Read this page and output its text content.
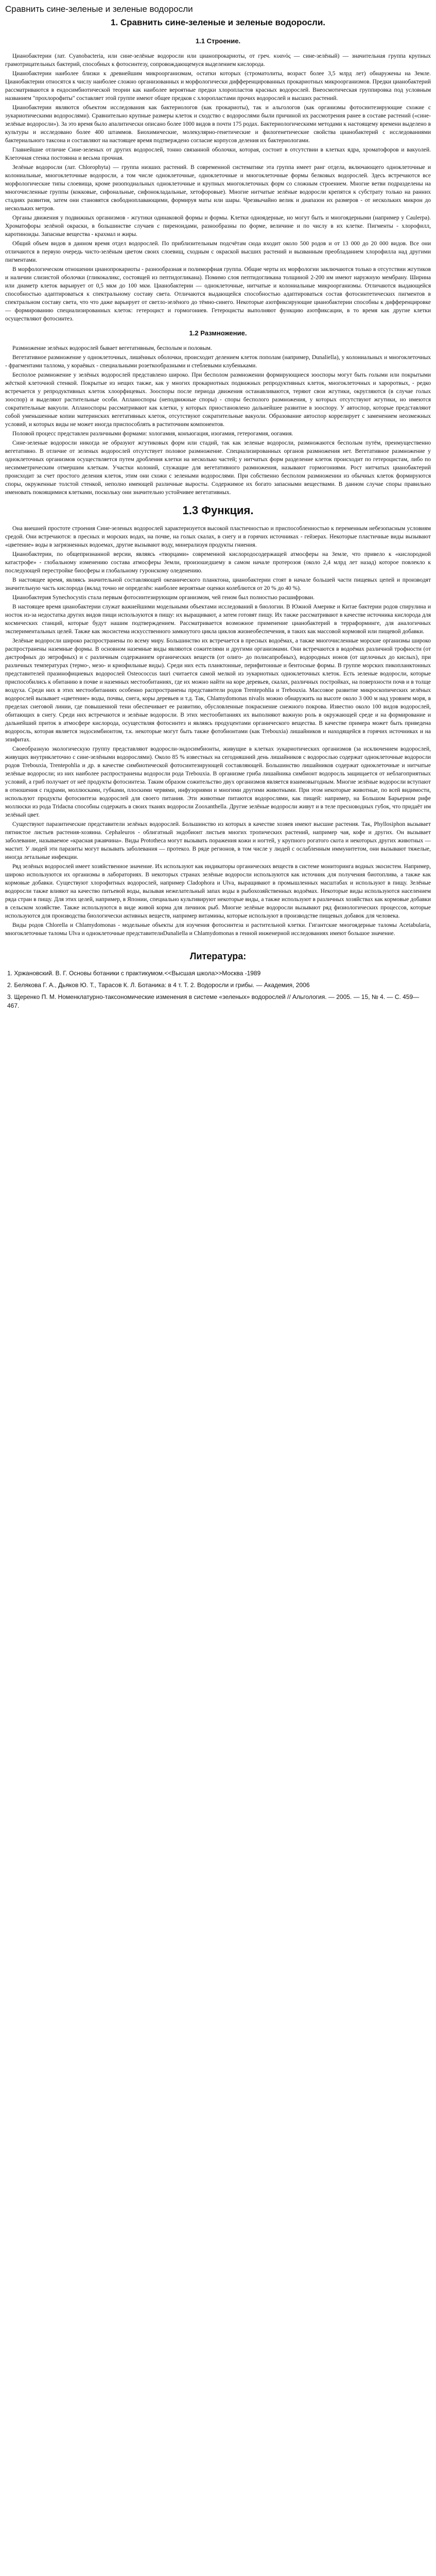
Сравнить сине-зеленые и зеленые водоросли
1. Сравнить сине-зеленые и зеленые водоросли.
1.1 Строение.

Цианобактерии (лат. Cyanobacteria, или сине-зелёные водоросли или цианопрокариоты, от греч. κυανός — сине-зелёный) — значительная группа крупных грамотрицательных бактерий, способных к фотосинтезу, сопровождающемуся выделением кислорода.

Цианобактерии наиболее близки к древнейшим микроорганизмам, остатки которых (строматолиты, возраст более 3,5 млрд лет) обнаружены на Земле. Цианобактерии относятся к числу наиболее сложно организованных и морфологически дифференцированных прокариотных микроорганизмов. Предки цианобактерий рассматриваются в ендосимбиотической теории как наиболее вероятные предки хлоропластов красных водорослей. Внеосмотическая группировка под условным названием "прохлорофиты" составляет этой группе имеют общее предков с хлоропластами прочих водорослей и высших растений.

Цианобактерии являются объектом исследования как бактериологов (как прокариоты), так и альгологов (как организмы фотосинтезирующие схожие с эукариотическими водорослями). Сравнительно крупные размеры клеток и сходство с водорослями были причиной их рассмотрения ранее в составе растений («сине-зелёные водоросли»). За это время было апалитически описано более 1000 видов в почти 175 родах. Бактериологическими методами к настоящему времени выделено в культуры и исследовано более 400 штаммов. Биохимические, молекулярно-генетические и филогенетические свойства цианобактерий с исследованиями бактериального таксона и составляют на настоящее время подтверждено согласие корпусов деления их бактериологами.

Главнейшие отличие Сине-зеленых от других водорослей, тонно связанной оболочки, которая, состоит в отсутствии в клетках ядра, хроматофоров и вакуолей. Клеточная стенка постоянна и весьма прочная.

Зелёные водоросли (лат. Chlorophyta) — группа низших растений. В современной систематике эта группа имеет ранг отдела, включающего одноклеточные и колониальные, многоклеточные водоросли, а том числе одноклеточные, одноклеточные и многоклеточные формы белковых водорослей. Здесь встречаются все морфологические типы слоевища, кроме ризоподиальных одноклеточные и крупных многоклеточных форм со сложным строением. Многие ветви подразделены на многочисленные группы (кокковые, сифональные, сифонокладальные, хетофоровые). Многие нитчатые зелёные водоросли крепятся к субстрату только на ранних стадиях развития, затем они становятся свободноплавающими, формируя маты или шары. Чрезвычайно велик и диапазон их размеров - от нескольких микрон до нескольких метров.

Органы движения у подвижных организмов - жгутики одинаковой формы и формы. Клетки одноядерные, но могут быть и многоядерными (например у Caulerpa). Хроматофоры зелёной окраски, в большинстве случаев с пиреноидами, разнообразны по форме, величине и по числу в их клетке. Пигменты - хлорофилл, каротиноиды. Запасные вещества - крахмал и жиры.

Общий объем видов в данном время отдел водорослей. По приблизительным подсчётам сюда входит около 500 родов и от 13 000 до 20 000 видов. Все они отличаются в первую очередь чисто-зелёным цветом своих слоевищ, сходным с окраской высших растений и вызванным преобладанием хлорофилла над другими пигментами.

В морфологическом отношении цианопрокариоты - разнообразная и полиморфная группа. Общие черты их морфологии заключаются только в отсутствии жгутиков и наличии слизистой оболочки (гликокаликс, состоящей из пептидогликана). Помимо слоя пептидогликана толщиной 2-200 нм имеют наружную мембрану. Ширина или диаметр клеток варьирует от 0,5 мкм до 100 мкм. Цианобактерии — одноклеточные, нитчатые и колониальные микроорганизмы. Отличаются выдающейся способностью адаптироваться к спектральному составу света. Отличаются выдающейся способностью адаптироваться состав фотосинтетических пигментов в спектральном составу света, что что даже варьирует от светло-зелёного до тёмно-синего. Некоторые азотфиксирующие цианобактерии способны к дифференцировке — формированию специализированных клеток: гетероцист и гормогониев. Гетероцисты выполняют функцию азотфиксации, в то время как другие клетки осуществляют фотосинтез.

1.2 Размножение.

Размножение зелёных водорослей бывает вегетативным, бесполым и половым.

Вегетативное размножение у одноклеточных, лишённых оболочки, происходит делением клеток пополам (например, Dunaliella), у колониальных и многоклеточных - фрагментами таллома, у кораёвых - специальными розеткообразными и стеблевыми клубеньками.

Бесполое размножение у зелёных водорослей представлено широко. При бесполом размножении формирующиеся зооспоры могут быть голыми или покрытыми жёсткой клеточной стенкой. Покрытые из нещих также, как у многих прокариотных подвижных репродуктивных клеток, многоклеточных и хароротвых, - редко встречается у репродуктивных клеток хлоорфицевых. Зооспоры после периода движения останавливаются, теряют свои жгутики, округляются (в случае голых зооспор) и выделяют растительные особи. Апланоспоры (неподвижные споры) - споры бесполого размножения, у которых отсутствуют жгутики, но имеются сократительные вакуоли. Апланоспоры рассматривают как клетки, у которых приостановлено дальнейшее развитие в зооспору. У автоспор, которые представляют собой уменьшенные копии материнских вегетативных клеток, отсутствуют сократительные вакуоли. Образование автоспор коррелирует с заменением неозмежных условий, и которых виды не может иногда приспособлять в раститочним компонентов.

Половой процесс представлен различными формами: хологамия, конъюгация, изогамия, гетерогамия, оогамия.

Сине-зеленые водоросли никогда не образуют жгутиковых форм или стадий, так как зеленые водоросли, размножаются бесполым путём, преимущественно вегетативно. В отличие от зеленых водорослей отсутствует половое размножение. Специализированных органов размножения нет. Вегетативное размножение у одноклеточных организмов осуществляется путем дробления клетки на несколько частей; у нитчатых форм разделение клеток происходит по гетероцистам, либо по несимметрическим отмершим клеткам. Участки колоний, служащие для вегетативного размножения, называют гормогониями. Рост нитчатых цианобактерий происходит за счет простого деления клеток, этим они схожи с зелеными водорослями. При собственно бесполом размножении из обычных клеток формируются споры, окруженные толстой стенкой, неполно имеющей различные выросты. Содержимое их богато запасными веществами. В данном случае споры правильно именовать покоящимися клетками, поскольку они значительно устойчивее вегетативных.

1.3 Функция.

Она внешней простоте строения Сине-зеленых водорослей характеризуется высокой пластичностью и приспособленностью к переменным небезопасным условиям средой. Они встречаются: в пресных и морских водах, на почве, на голых скалах, в снегу и в горячих источниках - гейзерах. Некоторые пластичные виды вызывают «цветение» воды в загрязненных водоемах, другие вызывают воду, минерализуя продукты гниения.

Цианобактерии, по общепризнанной версии, являясь «творцами» современной кислородосодержащей атмосферы на Земле, что привело к «кислородной катастрофе» - глобальному изменению состава атмосферы Земли, произошедшему в самом начале протерозоя (около 2,4 млрд лет назад) которое повлекло к последующей перестройке биосферы и глобальному гуронскому оледенению.

В настоящее время, являясь значительной составляющей океанического планктона, цианобактерии стоят в начале большей части пищевых цепей и производят значительную часть кислорода (вклад точно не определён: наиболее вероятные оценки колеблются от 20 % до 40 %).

Цианобактерия Synechocystis стала первым фотосинтезирующим организмом, чей геном был полностью расшифрован.

В настоящее время цианобактерии служат важнейшими модельными объектами исследований в биологии. В Южной Америке и Китае бактерии родов спирулина и носток из-за недостатка других видов пищи используются в пищу: их выращивают, а затем готовят пищу. Их также рассматривают в качестве источника кислорода для космических станций, которые будут нашим подтверждением. Рассматривается возможное применение цианобактерий в терраформинге, для аналогичных экспериментальных целей. Также как экосистема искусственного замкнутого цикла циклов жизнеобеспечения, в таких как массовой кормовой или пищевой добавки.

Зелёные водоросли широко распространены по всему миру. Большинство их встречается в пресных водоёмах, а также многочисленные морские организмы широко распространены наземные формы. В основном наземные виды являются сожителями и другими организмами. Они встречаются в водоёмах различной трофности (от дистрофных до эвтрофных) и с различным содержанием органических веществ (от олиго- до полисапробных), водородных ионов (от щелочных до кислых), при различных температурах (термо-, мезо- и криофильные виды). Среди них есть планктонные, перифитонные и бентосные формы. В группе морских пикопланктонных представителей празинофициевых водорослей Osteococcus tauri считается самой мелкой из эукариотных одноклеточных клеток. Есть зеленые водоросли, которые приспособились к обитанию в почве и наземных местообитаниях, где их можно найти на коре деревьев, скалах, различных постройках, на поверхности почв и в толще воздуха. Среди них в этих местообитаниях особенно распространены представители родов Trentepohlia и Trebouxia. Массовое развитие микроскопических зелёных водорослей вызывает «цветение» воды, почвы, снега, коры деревьев и т.д. Так, Chlamydomonas nivalis можно обнаружить на высоте около 3 000 м над уровнем моря, в пределах снеговой линии, где повышенной тени обеспечивает ее развитию, обусловленные покраснение снежного покрова. Известно около 100 видов водорослей, обитающих в снегу. Среди них встречаются и зелёные водоросли. В этих местообитаниях их выполняют важную роль в окружающей среде и на формирование и дальнейший приток в атмосфере кислорода, осуществляя фотосинтез и являясь продуцентами органического вещества. В качестве примера может быть приведена водоросль, которая является эндосимбионтом, т.к. некоторые могут быть также фотобионтами (как Trebouxia) лишайников и находящейся в горячих источниках и на эпифитах.

Своеобразную экологическую группу представляют водоросли-эндосимбионты, живущие в клетках эукариотических организмов (за исключением водорослей, живущих внутриклеточно с сине-зелёными водорослями). Около 85 % известных на сегодняшний день лишайников с водорослью содержат одноклеточные водоросли родов Trebouxia, Trentepohlia и др. в качестве симбиотической фотосинтезирующей составляющей. Большинство лишайников содержат одноклеточные и нитчатые зелёные водоросли; из них наиболее распространены водоросли рода Trebouxia. В организме гриба лишайника симбионт водоросль защищается от неблагоприятных условий, а гриб получает от неё продукты фотосинтеза. Таким образом сожительство двух организмов является взаимовыгодным. Многие зелёные водоросли вступают в отношения с гидрами, моллюсками, губками, плоскими червями, инфузориями и многими другими животными. При этом некоторые животные, по всей видимости, используют продукты фотосинтеза водорослей для своего питания. Эти животные питаются водорослями, как пищей: например, на Большом Барьерном рифе моллюски из рода Tridacna способны содержать в своих тканях водоросли Zooxanthella. Другие зелёные водоросли живут и в теле пресноводных губок, что придаёт им зелёный цвет.

Существуют паразитические представители зелёных водорослей. Большинство из которых в качестве хозяев имеют высшие растения. Так, Phyllosiphon вызывает пятнистое листьев растения-хозяина. Cephaleuros - облигатный эндобионт листьев многих тропических растений, например чая, кофе и других. Он вызывает заболевание, называемое «красная ржавчина». Виды Prototheca могут вызывать поражения кожи и ногтей, у крупного рогатого скота и некоторых других животных — мастит. У людей эти паразиты могут вызывать заболевания — протекоз. В ряде регионов, в том числе у людей с ослабленным иммунитетом, они вызывают тяжелые, иногда летальные инфекции.

Ряд зелёных водорослей имеет хозяйственное значение. Их используют как индикаторы органических веществ в системе мониторинга водных экосистем. Например, широко используются их организмы в лабораториях. В некоторых странах зелёные водоросли используются как источник для получения биотоплива, а также как кормовые добавки. Существуют хлорофитных водорослей, например Cladophora и Ulva, выращивают в промышленных масштабах и используют в пищу. Зелёные водоросли также влияют на качество питьевой воды, вызывая нежелательный запах воды в рыбохозяйственных водоёмах. Некоторые виды используются наcелением ряда стран в пищу. Для этих целей, например, в Японии, специально культивируют некоторые виды, а также используют в различных хозяйствах как кормовые добавки в сельском хозяйстве. Также используются в виде живой корма для личинок рыб. Многие зелёные водоросли вызывают ряд физиологических процессов, которые используются для производства биологически активных веществ, например витамины, которые используют в производстве пищевых добавок для человека.

Виды родов Chlorella и Chlamydomonas - модельные объекты для изучения фотосинтеза и растительной клетки. Гигантские многоядерные таломы Acetabularia, многоклеточные таломы Ulva и одноклеточные представителиDunaliella и Chlamydomonas в генной инженерной исследованиях имеют большое значение.

Литература:
1. Хржановский. В. Г. Основы ботаники с практикумом.<<Высшая школа>>Москва -1989
2. Белякова Г. А., Дьяков Ю. Т., Тарасов К. Л. Ботаника: в 4 т. Т. 2. Водоросли и грибы. — Академия, 2006
3. Щеренко П. М. Номенклатурно-таксономические изменения в системе «зеленых» водорослей // Альгология. — 2005. — 15, № 4. — С. 459—467.
